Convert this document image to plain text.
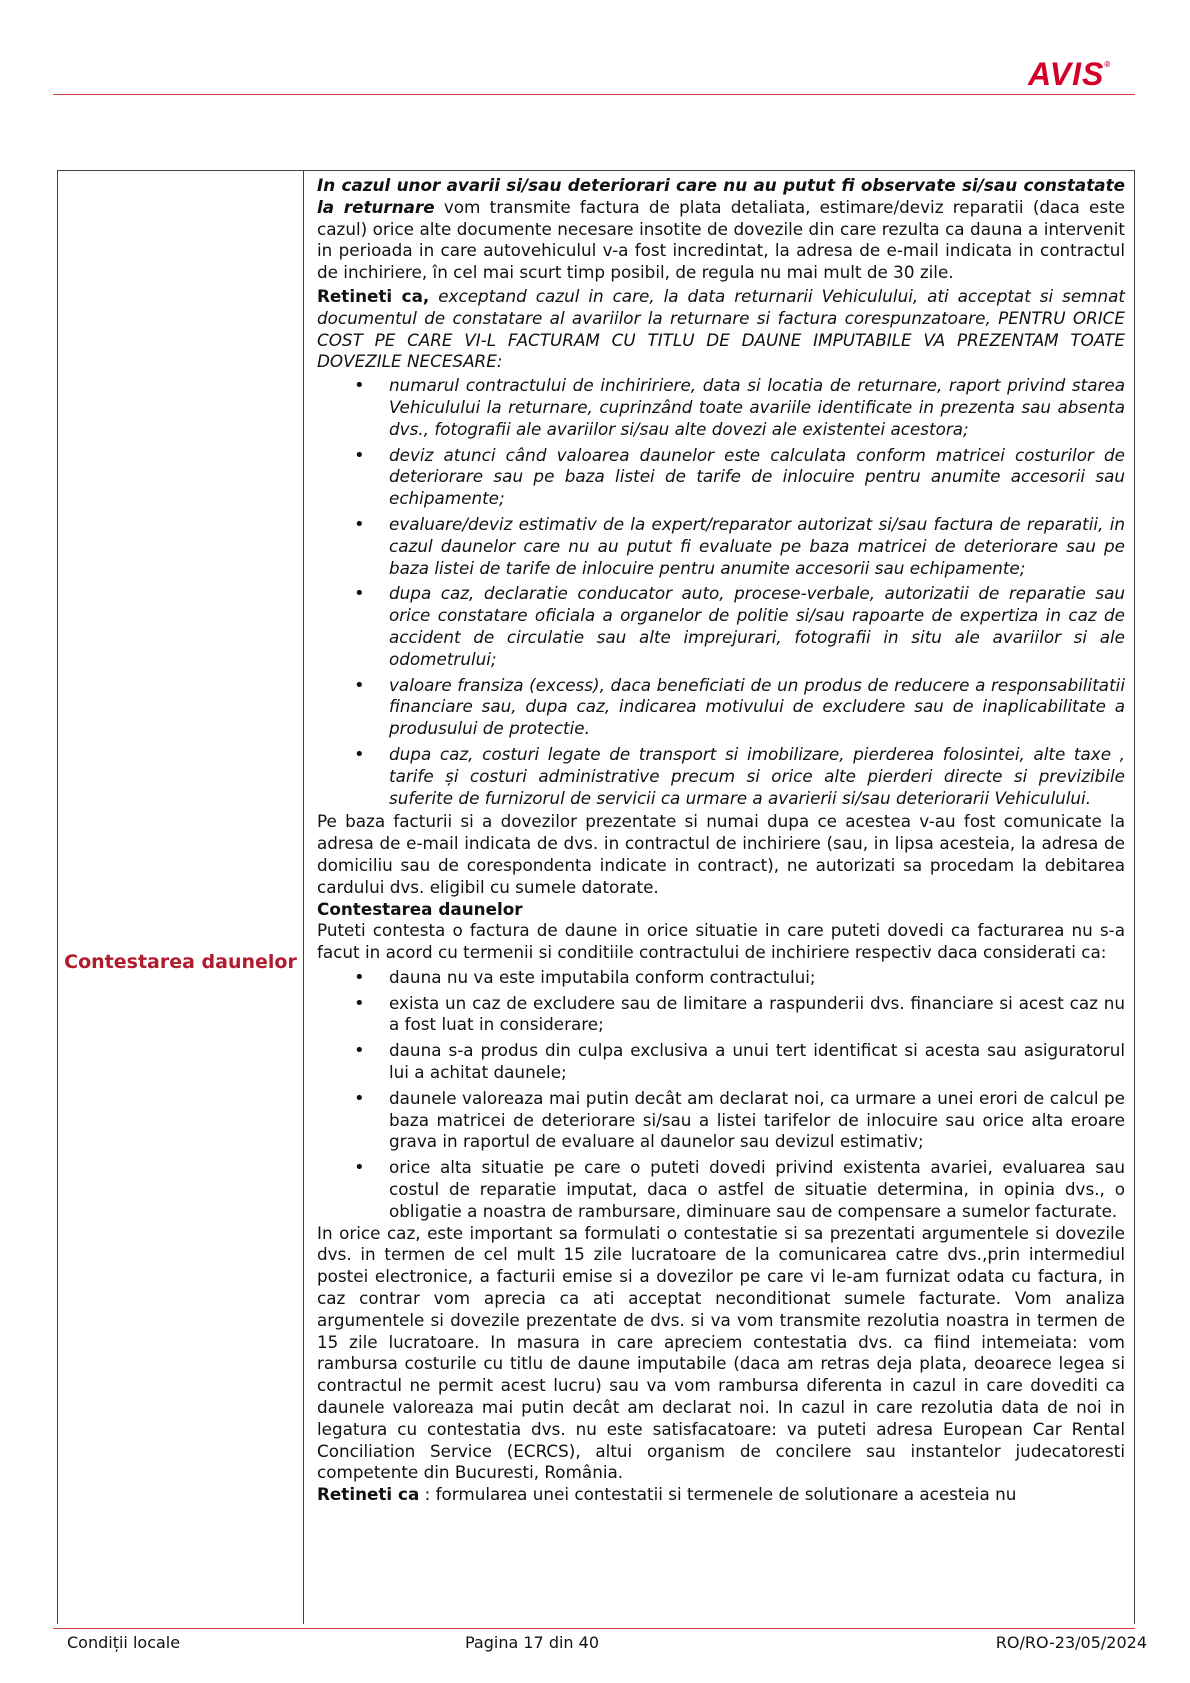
AVIS®
Contestarea daunelor

In cazul unor avarii si/sau deteriorari care nu au putut fi observate si/sau constatate la returnare vom transmite factura de plata detaliata, estimare/deviz reparatii (daca este cazul) orice alte documente necesare insotite de dovezile din care rezulta ca dauna a intervenit in perioada in care autovehiculul v-a fost incredintat, la adresa de e-mail indicata in contractul de inchiriere, în cel mai scurt timp posibil, de regula nu mai mult de 30 zile.

Retineti ca, exceptand cazul in care, la data returnarii Vehiculului, ati acceptat si semnat documentul de constatare al avariilor la returnare si factura corespunzatoare, PENTRU ORICE COST PE CARE VI-L FACTURAM CU TITLU DE DAUNE IMPUTABILE VA PREZENTAM TOATE DOVEZILE NECESARE:

• numarul contractului de inchiririere, data si locatia de returnare, raport privind starea Vehiculului la returnare, cuprinzând toate avariile identificate in prezenta sau absenta dvs., fotografii ale avariilor si/sau alte dovezi ale existentei acestora;
• deviz atunci când valoarea daunelor este calculata conform matricei costurilor de deteriorare sau pe baza listei de tarife de inlocuire pentru anumite accesorii sau echipamente;
• evaluare/deviz estimativ de la expert/reparator autorizat si/sau factura de reparatii, in cazul daunelor care nu au putut fi evaluate pe baza matricei de deteriorare sau pe baza listei de tarife de inlocuire pentru anumite accesorii sau echipamente;
• dupa caz, declaratie conducator auto, procese-verbale, autorizatii de reparatie sau orice constatare oficiala a organelor de politie si/sau rapoarte de expertiza in caz de accident de circulatie sau alte imprejurari, fotografii in situ ale avariilor si ale odometrului;
• valoare fransiza (excess), daca beneficiati de un produs de reducere a responsabilitatii financiare sau, dupa caz, indicarea motivului de excludere sau de inaplicabilitate a produsului de protectie.
• dupa caz, costuri legate de transport si imobilizare, pierderea folosintei, alte taxe , tarife și costuri administrative precum si orice alte pierderi directe si previzibile suferite de furnizorul de servicii ca urmare a avarierii si/sau deteriorarii Vehiculului.

Pe baza facturii si a dovezilor prezentate si numai dupa ce acestea v-au fost comunicate la adresa de e-mail indicata de dvs. in contractul de inchiriere (sau, in lipsa acesteia, la adresa de domiciliu sau de corespondenta indicate in contract), ne autorizati sa procedam la debitarea cardului dvs. eligibil cu sumele datorate.

Contestarea daunelor

Puteti contesta o factura de daune in orice situatie in care puteti dovedi ca facturarea nu s-a facut in acord cu termenii si conditiile contractului de inchiriere respectiv daca considerati ca:

• dauna nu va este imputabila conform contractului;
• exista un caz de excludere sau de limitare a raspunderii dvs. financiare si acest caz nu a fost luat in considerare;
• dauna s-a produs din culpa exclusiva a unui tert identificat si acesta sau asiguratorul lui a achitat daunele;
• daunele valoreaza mai putin decât am declarat noi, ca urmare a unei erori de calcul pe baza matricei de deteriorare si/sau a listei tarifelor de inlocuire sau orice alta eroare grava in raportul de evaluare al daunelor sau devizul estimativ;
• orice alta situatie pe care o puteti dovedi privind existenta avariei, evaluarea sau costul de reparatie imputat, daca o astfel de situatie determina, in opinia dvs., o obligatie a noastra de rambursare, diminuare sau de compensare a sumelor facturate.

In orice caz, este important sa formulati o contestatie si sa prezentati argumentele si dovezile dvs. in termen de cel mult 15 zile lucratoare de la comunicarea catre dvs.,prin intermediul postei electronice, a facturii emise si a dovezilor pe care vi le-am furnizat odata cu factura, in caz contrar vom aprecia ca ati acceptat neconditionat sumele facturate. Vom analiza argumentele si dovezile prezentate de dvs. si va vom transmite rezolutia noastra in termen de 15 zile lucratoare. In masura in care apreciem contestatia dvs. ca fiind intemeiata: vom rambursa costurile cu titlu de daune imputabile (daca am retras deja plata, deoarece legea si contractul ne permit acest lucru) sau va vom rambursa diferenta in cazul in care dovediti ca daunele valoreaza mai putin decât am declarat noi. In cazul in care rezolutia data de noi in legatura cu contestatia dvs. nu este satisfacatoare: va puteti adresa European Car Rental Conciliation Service (ECRCS), altui organism de concilere sau instantelor judecatoresti competente din Bucuresti, România.

Retineti ca : formularea unei contestatii si termenele de solutionare a acesteia nu

Condiții locale	Pagina 17 din 40	RO/RO-23/05/2024
